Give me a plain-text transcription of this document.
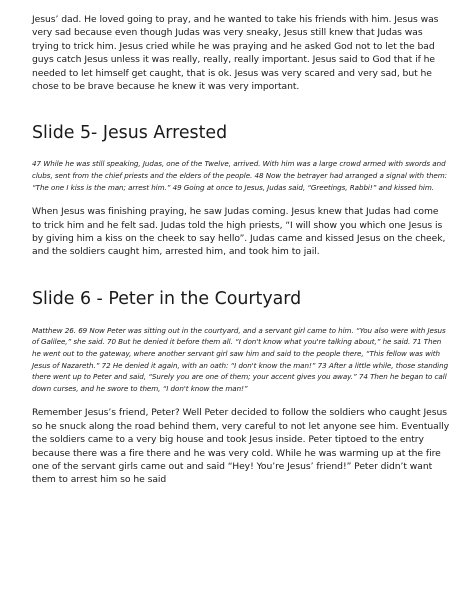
Jesus’ dad. He loved going to pray, and he wanted to take his friends with him. Jesus was very sad because even though Judas was very sneaky, Jesus still knew that Judas was trying to trick him. Jesus cried while he was praying and he asked God not to let the bad guys catch Jesus unless it was really, really, really important. Jesus said to God that if he needed to let himself get caught, that is ok. Jesus was very scared and very sad, but he chose to be brave because he knew it was very important.

Slide 5- Jesus Arrested

47 While he was still speaking, Judas, one of the Twelve, arrived. With him was a large crowd armed with swords and clubs, sent from the chief priests and the elders of the people. 48 Now the betrayer had arranged a signal with them: “The one I kiss is the man; arrest him.” 49 Going at once to Jesus, Judas said, “Greetings, Rabbi!” and kissed him.

When Jesus was finishing praying, he saw Judas coming. Jesus knew that Judas had come to trick him and he felt sad. Judas told the high priests, “I will show you which one Jesus is by giving him a kiss on the cheek to say hello”. Judas came and kissed Jesus on the cheek, and the soldiers caught him, arrested him, and took him to jail.

Slide 6 - Peter in the Courtyard

Matthew 26. 69 Now Peter was sitting out in the courtyard, and a servant girl came to him. “You also were with Jesus of Galilee,” she said. 70 But he denied it before them all. “I don't know what you're talking about,” he said. 71 Then he went out to the gateway, where another servant girl saw him and said to the people there, “This fellow was with Jesus of Nazareth.” 72 He denied it again, with an oath: “I don't know the man!” 73 After a little while, those standing there went up to Peter and said, “Surely you are one of them; your accent gives you away.” 74 Then he began to call down curses, and he swore to them, “I don't know the man!”

Remember Jesus’s friend, Peter? Well Peter decided to follow the soldiers who caught Jesus so he snuck along the road behind them, very careful to not let anyone see him. Eventually the soldiers came to a very big house and took Jesus inside. Peter tiptoed to the entry because there was a fire there and he was very cold. While he was warming up at the fire one of the servant girls came out and said “Hey! You’re Jesus’ friend!” Peter didn’t want them to arrest him so he said
